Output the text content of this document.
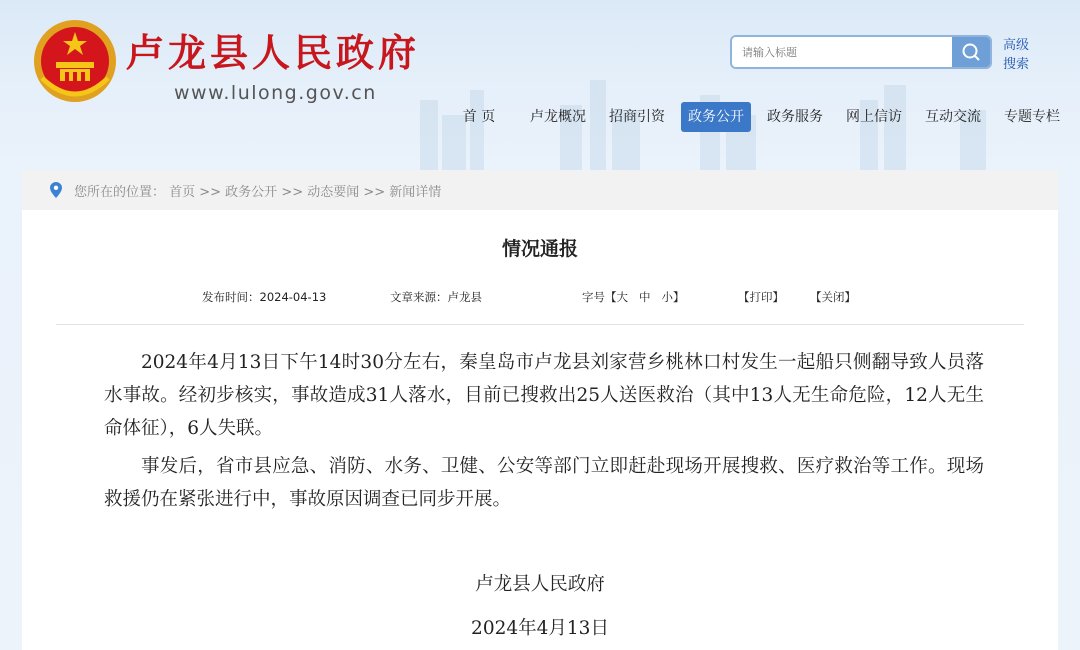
卢龙县人民政府
www.lulong.gov.cn
请输入标题
高级搜索
首 页	卢龙概况	招商引资	政务公开	政务服务	网上信访	互动交流	专题专栏
您所在的位置： 首页 >> 政务公开 >> 动态要闻 >> 新闻详情
情况通报
发布时间：2024-04-13	文章来源：卢龙县	字号【大 中 小】	【打印】 【关闭】

2024年4月13日下午14时30分左右，秦皇岛市卢龙县刘家营乡桃林口村发生一起船只侧翻导致人员落水事故。经初步核实，事故造成31人落水，目前已搜救出25人送医救治（其中13人无生命危险，12人无生命体征），6人失联。

事发后，省市县应急、消防、水务、卫健、公安等部门立即赶赴现场开展搜救、医疗救治等工作。现场救援仍在紧张进行中，事故原因调查已同步开展。

卢龙县人民政府
2024年4月13日
